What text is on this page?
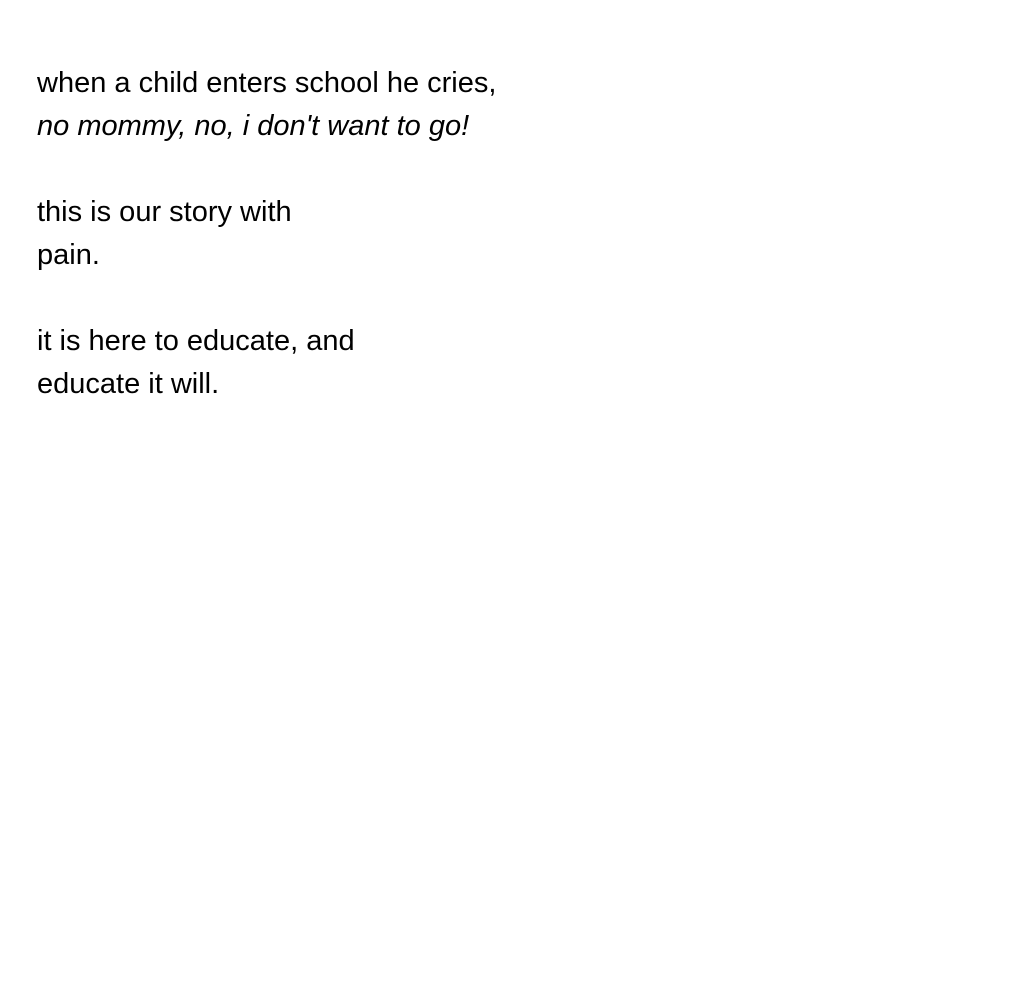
when a child enters school he cries,
no mommy, no, i don't want to go!
this is our story with
pain.
it is here to educate, and
educate it will.
